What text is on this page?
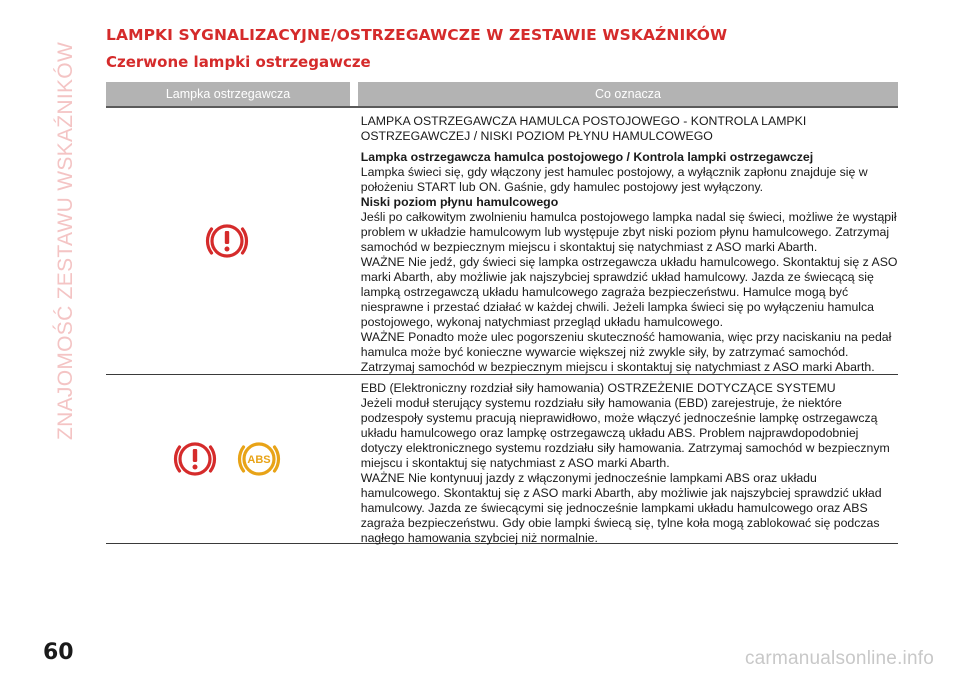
ZNAJOMOŚĆ ZESTAWU WSKAŹNIKÓW
LAMPKI SYGNALIZACYJNE/OSTRZEGAWCZE W ZESTAWIE WSKAŹNIKÓW
Czerwone lampki ostrzegawcze
Lampka ostrzegawcza	Co oznacza

LAMPKA OSTRZEGAWCZA HAMULCA POSTOJOWEGO - KONTROLA LAMPKI OSTRZEGAWCZEJ / NISKI POZIOM PŁYNU HAMULCOWEGO

Lampka ostrzegawcza hamulca postojowego / Kontrola lampki ostrzegawczej

Lampka świeci się, gdy włączony jest hamulec postojowy, a wyłącznik zapłonu znajduje się w położeniu START lub ON. Gaśnie, gdy hamulec postojowy jest wyłączony.

Niski poziom płynu hamulcowego

Jeśli po całkowitym zwolnieniu hamulca postojowego lampka nadal się świeci, możliwe że wystąpił problem w układzie hamulcowym lub występuje zbyt niski poziom płynu hamulcowego. Zatrzymaj samochód w bezpiecznym miejscu i skontaktuj się natychmiast z ASO marki Abarth.

WAŻNE Nie jedź, gdy świeci się lampka ostrzegawcza układu hamulcowego. Skontaktuj się z ASO marki Abarth, aby możliwie jak najszybciej sprawdzić układ hamulcowy. Jazda ze świecącą się lampką ostrzegawczą układu hamulcowego zagraża bezpieczeństwu. Hamulce mogą być niesprawne i przestać działać w każdej chwili. Jeżeli lampka świeci się po wyłączeniu hamulca postojowego, wykonaj natychmiast przegląd układu hamulcowego.

WAŻNE Ponadto może ulec pogorszeniu skuteczność hamowania, więc przy naciskaniu na pedał hamulca może być konieczne wywarcie większej niż zwykle siły, by zatrzymać samochód. Zatrzymaj samochód w bezpiecznym miejscu i skontaktuj się natychmiast z ASO marki Abarth.

ABS

EBD (Elektroniczny rozdział siły hamowania) OSTRZEŻENIE DOTYCZĄCE SYSTEMU

Jeżeli moduł sterujący systemu rozdziału siły hamowania (EBD) zarejestruje, że niektóre podzespoły systemu pracują nieprawidłowo, może włączyć jednocześnie lampkę ostrzegawczą układu hamulcowego oraz lampkę ostrzegawczą układu ABS. Problem najprawdopodobniej dotyczy elektronicznego systemu rozdziału siły hamowania. Zatrzymaj samochód w bezpiecznym miejscu i skontaktuj się natychmiast z ASO marki Abarth.

WAŻNE Nie kontynuuj jazdy z włączonymi jednocześnie lampkami ABS oraz układu hamulcowego. Skontaktuj się z ASO marki Abarth, aby możliwie jak najszybciej sprawdzić układ hamulcowy. Jazda ze świecącymi się jednocześnie lampkami układu hamulcowego oraz ABS zagraża bezpieczeństwu. Gdy obie lampki świecą się, tylne koła mogą zablokować się podczas nagłego hamowania szybciej niż normalnie.

60	carmanualsonline.info
